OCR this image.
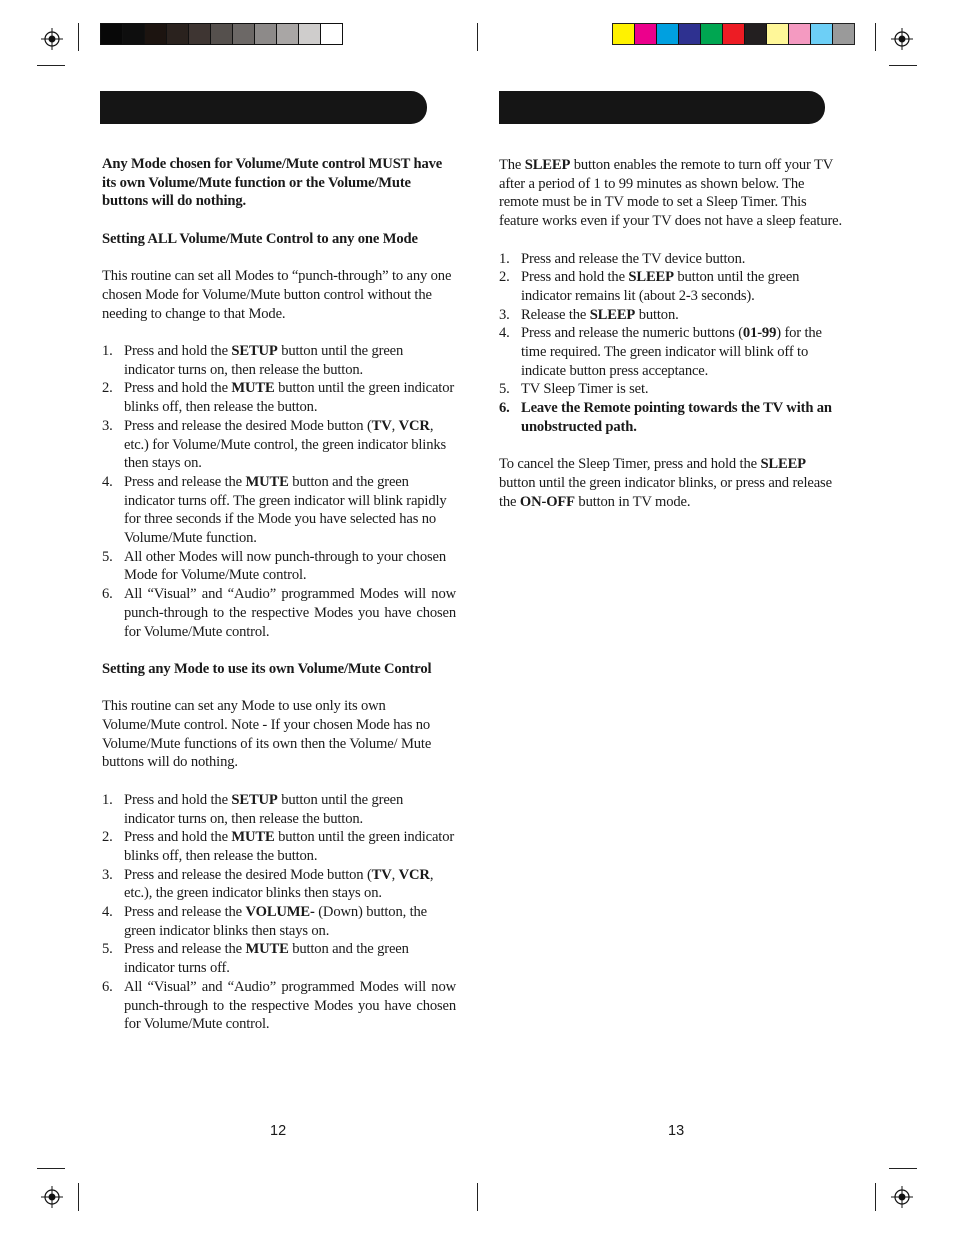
Any Mode chosen for Volume/Mute control MUST have its own Volume/Mute function or the Volume/Mute buttons will do nothing.

Setting ALL Volume/Mute Control to any one Mode

This routine can set all Modes to “punch-through” to any one chosen Mode for Volume/Mute button control without the needing to change to that Mode.

1. Press and hold the SETUP button until the green indicator turns on, then release the button.
2. Press and hold the MUTE button until the green indicator blinks off, then release the button.
3. Press and release the desired Mode button (TV, VCR, etc.) for Volume/Mute control, the green indicator blinks then stays on.
4. Press and release the MUTE button and the green indicator turns off. The green indicator will blink rapidly for three seconds if the Mode you have selected has no Volume/Mute function.
5. All other Modes will now punch-through to your chosen Mode for Volume/Mute control.
6. All “Visual” and “Audio” programmed Modes will now punch-through to the respective Modes you have chosen for Volume/Mute control.

Setting any Mode to use its own Volume/Mute Control

This routine can set any Mode to use only its own Volume/Mute control. Note - If your chosen Mode has no Volume/Mute functions of its own then the Volume/ Mute buttons will do nothing.

1. Press and hold the SETUP button until the green indicator turns on, then release the button.
2. Press and hold the MUTE button until the green indicator blinks off, then release the button.
3. Press and release the desired Mode button (TV, VCR, etc.), the green indicator blinks then stays on.
4. Press and release the VOLUME- (Down) button, the green indicator blinks then stays on.
5. Press and release the MUTE button and the green indicator turns off.
6. All “Visual” and “Audio” programmed Modes will now punch-through to the respective Modes you have chosen for Volume/Mute control.

The SLEEP button enables the remote to turn off your TV after a period of 1 to 99 minutes as shown below. The remote must be in TV mode to set a Sleep Timer. This feature works even if your TV does not have a sleep feature.

1. Press and release the TV device button.
2. Press and hold the SLEEP button until the green indicator remains lit (about 2-3 seconds).
3. Release the SLEEP button.
4. Press and release the numeric buttons (01-99) for the time required. The green indicator will blink off to indicate button press acceptance.
5. TV Sleep Timer is set.
6. Leave the Remote pointing towards the TV with an unobstructed path.

To cancel the Sleep Timer, press and hold the SLEEP button until the green indicator blinks, or press and release the ON-OFF button in TV mode.

12	13
